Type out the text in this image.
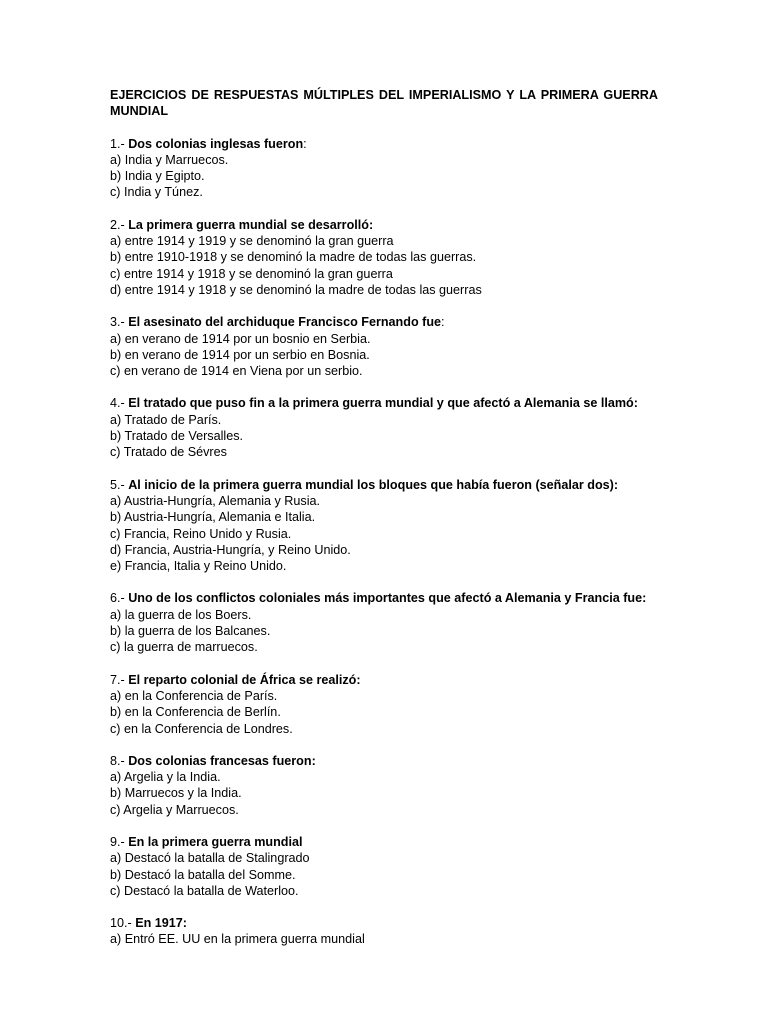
EJERCICIOS DE RESPUESTAS MÚLTIPLES DEL IMPERIALISMO Y LA PRIMERA GUERRA
MUNDIAL
1.- Dos colonias inglesas fueron:
a) India y Marruecos.
b) India y Egipto.
c) India y Túnez.
2.- La primera guerra mundial se desarrolló:
a) entre 1914 y 1919 y se denominó la gran guerra
b) entre 1910-1918 y se denominó la madre de todas las guerras.
c) entre 1914 y 1918 y se denominó la gran guerra
d) entre 1914 y 1918 y se denominó la madre de todas las guerras
3.- El asesinato del archiduque Francisco Fernando fue:
a) en verano de 1914 por un bosnio en Serbia.
b) en verano de 1914 por un serbio en Bosnia.
c) en verano de 1914 en Viena por un serbio.
4.- El tratado que puso fin a la primera guerra mundial y que afectó a Alemania se llamó:
a) Tratado de París.
b) Tratado de Versalles.
c) Tratado de Sévres
5.- Al inicio de la primera guerra mundial los bloques que había fueron (señalar dos):
a) Austria-Hungría, Alemania y Rusia.
b) Austria-Hungría, Alemania e Italia.
c) Francia, Reino Unido y Rusia.
d) Francia, Austria-Hungría, y Reino Unido.
e) Francia, Italia y Reino Unido.
6.- Uno de los conflictos coloniales más importantes que afectó a Alemania y Francia fue:
a) la guerra de los Boers.
b) la guerra de los Balcanes.
c) la guerra de marruecos.
7.- El reparto colonial de África se realizó:
a) en la Conferencia de París.
b) en la Conferencia de Berlín.
c) en la Conferencia de Londres.
8.- Dos colonias francesas fueron:
a) Argelia y la India.
b) Marruecos y la India.
c) Argelia y Marruecos.
9.- En la primera guerra mundial
a) Destacó la batalla de Stalingrado
b) Destacó la batalla del Somme.
c) Destacó la batalla de Waterloo.
10.- En 1917:
a) Entró EE. UU en la primera guerra mundial
